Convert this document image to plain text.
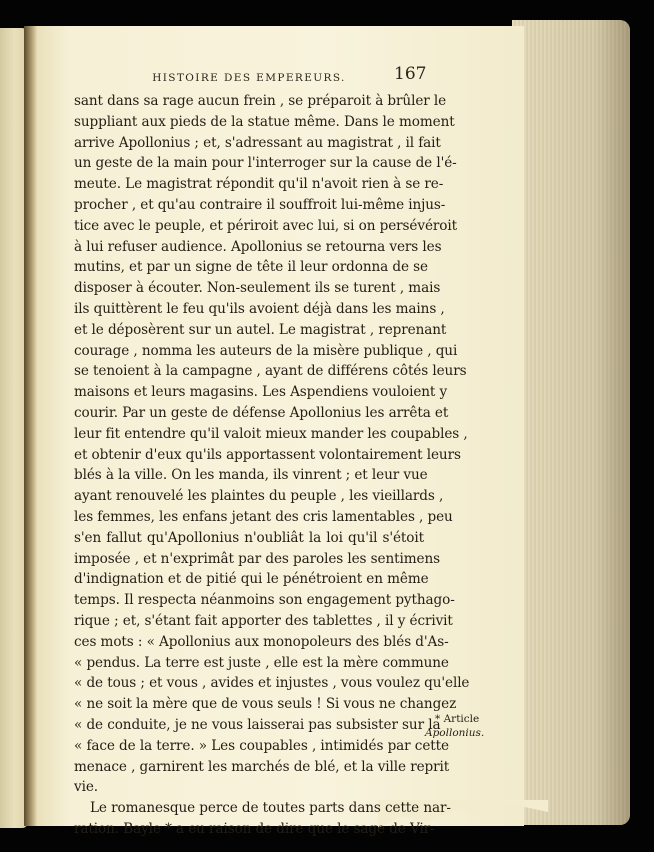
HISTOIRE DES EMPEREURS.	167
sant dans sa rage aucun frein , se préparoit à brûler le
suppliant aux pieds de la statue même. Dans le moment
arrive Apollonius ; et, s'adressant au magistrat , il fait
un geste de la main pour l'interroger sur la cause de l'é-
meute. Le magistrat répondit qu'il n'avoit rien à se re-
procher , et qu'au contraire il souffroit lui-même injus-
tice avec le peuple, et périroit avec lui, si on persévéroit
à lui refuser audience. Apollonius se retourna vers les
mutins, et par un signe de tête il leur ordonna de se
disposer à écouter. Non-seulement ils se turent , mais
ils quittèrent le feu qu'ils avoient déjà dans les mains ,
et le déposèrent sur un autel. Le magistrat , reprenant
courage , nomma les auteurs de la misère publique , qui
se tenoient à la campagne , ayant de différens côtés leurs
maisons et leurs magasins. Les Aspendiens vouloient y
courir. Par un geste de défense Apollonius les arrêta et
leur fit entendre qu'il valoit mieux mander les coupables ,
et obtenir d'eux qu'ils apportassent volontairement leurs
blés à la ville. On les manda, ils vinrent ; et leur vue
ayant renouvelé les plaintes du peuple , les vieillards ,
les femmes, les enfans jetant des cris lamentables , peu
s'en fallut qu'Apollonius n'oubliât la loi qu'il s'étoit
imposée , et n'exprimât par des paroles les sentimens
d'indignation et de pitié qui le pénétroient en même
temps. Il respecta néanmoins son engagement pythago-
rique ; et, s'étant fait apporter des tablettes , il y écrivit
ces mots : « Apollonius aux monopoleurs des blés d'As-
« pendus. La terre est juste , elle est la mère commune
« de tous ; et vous , avides et injustes , vous voulez qu'elle
« ne soit la mère que de vous seuls ! Si vous ne changez
« de conduite, je ne vous laisserai pas subsister sur la
« face de la terre. » Les coupables , intimidés par cette
menace , garnirent les marchés de blé, et la ville reprit
vie.
Le romanesque perce de toutes parts dans cette nar-
ration. Bayle * a eu raison de dire que le sage de Vir-
* Article
Apollonius.
